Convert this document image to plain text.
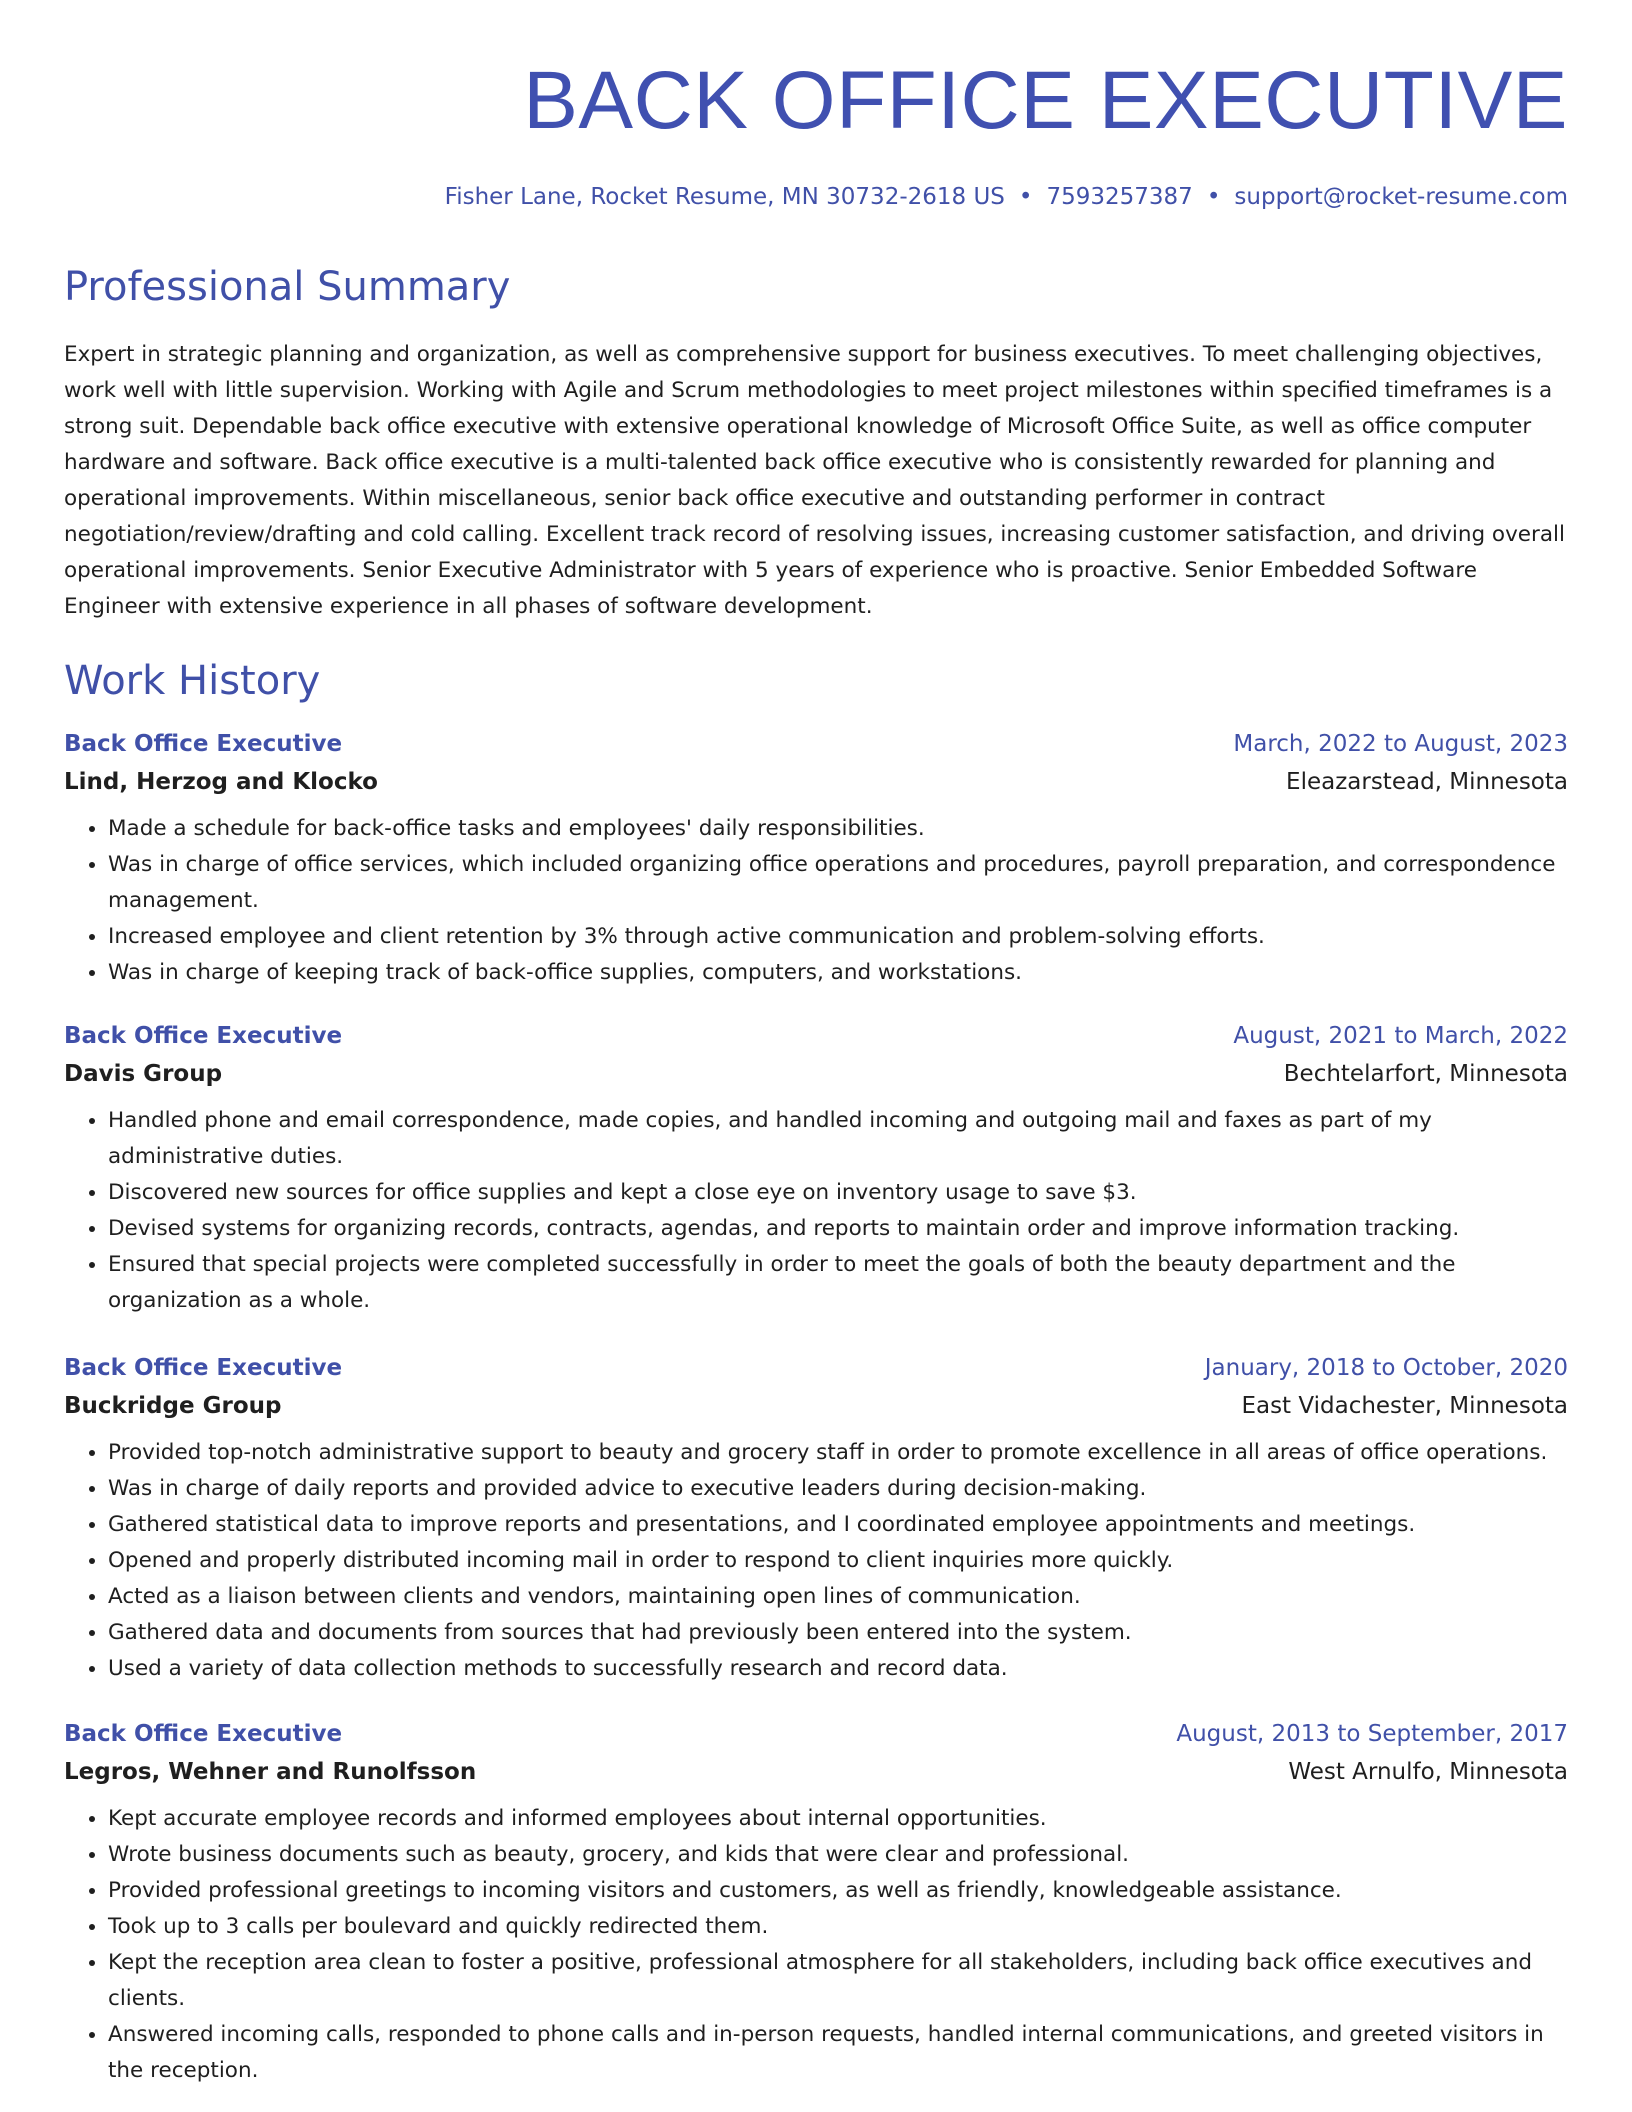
BACK OFFICE EXECUTIVE
Fisher Lane, Rocket Resume, MN 30732-2618 US • 7593257387 • support@rocket-resume.com
Professional Summary
Expert in strategic planning and organization, as well as comprehensive support for business executives. To meet challenging objectives, work well with little supervision. Working with Agile and Scrum methodologies to meet project milestones within specified timeframes is a strong suit. Dependable back office executive with extensive operational knowledge of Microsoft Office Suite, as well as office computer hardware and software. Back office executive is a multi-talented back office executive who is consistently rewarded for planning and operational improvements. Within miscellaneous, senior back office executive and outstanding performer in contract negotiation/review/drafting and cold calling. Excellent track record of resolving issues, increasing customer satisfaction, and driving overall operational improvements. Senior Executive Administrator with 5 years of experience who is proactive. Senior Embedded Software Engineer with extensive experience in all phases of software development.
Work History
Back Office Executive	March, 2022 to August, 2023
Lind, Herzog and Klocko	Eleazarstead, Minnesota
• Made a schedule for back-office tasks and employees' daily responsibilities.
• Was in charge of office services, which included organizing office operations and procedures, payroll preparation, and correspondence management.
• Increased employee and client retention by 3% through active communication and problem-solving efforts.
• Was in charge of keeping track of back-office supplies, computers, and workstations.
Back Office Executive	August, 2021 to March, 2022
Davis Group	Bechtelarfort, Minnesota
• Handled phone and email correspondence, made copies, and handled incoming and outgoing mail and faxes as part of my administrative duties.
• Discovered new sources for office supplies and kept a close eye on inventory usage to save $3.
• Devised systems for organizing records, contracts, agendas, and reports to maintain order and improve information tracking.
• Ensured that special projects were completed successfully in order to meet the goals of both the beauty department and the organization as a whole.
Back Office Executive	January, 2018 to October, 2020
Buckridge Group	East Vidachester, Minnesota
• Provided top-notch administrative support to beauty and grocery staff in order to promote excellence in all areas of office operations.
• Was in charge of daily reports and provided advice to executive leaders during decision-making.
• Gathered statistical data to improve reports and presentations, and I coordinated employee appointments and meetings.
• Opened and properly distributed incoming mail in order to respond to client inquiries more quickly.
• Acted as a liaison between clients and vendors, maintaining open lines of communication.
• Gathered data and documents from sources that had previously been entered into the system.
• Used a variety of data collection methods to successfully research and record data.
Back Office Executive	August, 2013 to September, 2017
Legros, Wehner and Runolfsson	West Arnulfo, Minnesota
• Kept accurate employee records and informed employees about internal opportunities.
• Wrote business documents such as beauty, grocery, and kids that were clear and professional.
• Provided professional greetings to incoming visitors and customers, as well as friendly, knowledgeable assistance.
• Took up to 3 calls per boulevard and quickly redirected them.
• Kept the reception area clean to foster a positive, professional atmosphere for all stakeholders, including back office executives and clients.
• Answered incoming calls, responded to phone calls and in-person requests, handled internal communications, and greeted visitors in the reception.
